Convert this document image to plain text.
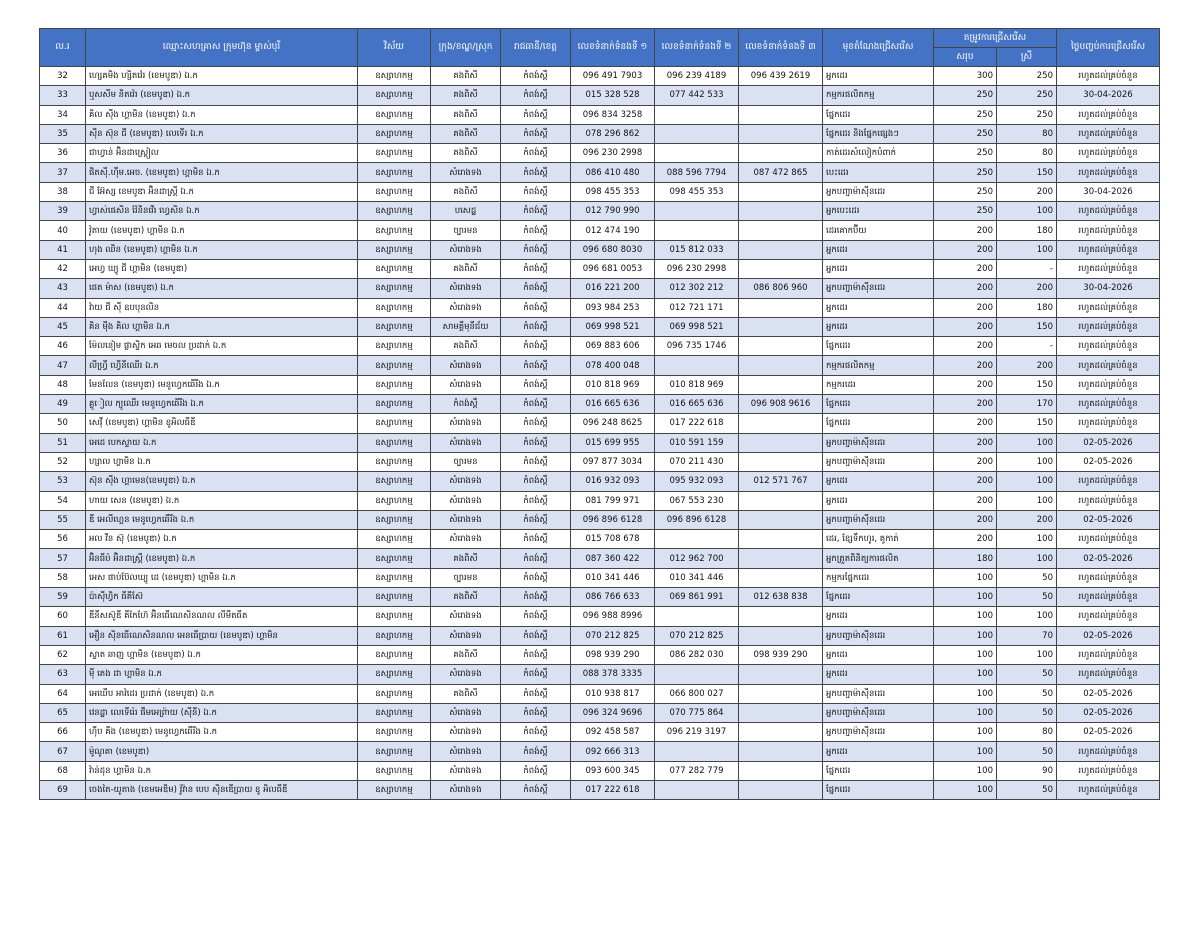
ល.រ	ឈ្មោះសហគ្រាស ក្រុមហ៊ុន ម្ចាស់បុរី	វិស័យ	ក្រុង/ខណ្ឌ/ស្រុក	រាជធានី/ខេត្ត	លេខទំនាក់ទំនងទី ១	លេខទំនាក់ទំនងទី ២	លេខទំនាក់ទំនងទី ៣	មុខតំណែងជ្រើសរើស	តម្រូវការជ្រើសរើស		ថ្ងៃបញ្ចប់ការជ្រើសរើស
									សរុប	ស្រី	
32	ហេ្សគមិង ហ្សិតវ៉េរ (ខេមបូឌា) ឯ.ក	ឧស្សាហកម្ម	គងពិសី	កំពង់ស្ពឺ	096 491 7903	096 239 4189	096 439 2619	អ្នកដេរ	300	250	រហូតដល់គ្រប់ចំនួន
33	ឬសសីម និតវ៉េរ (ខេមបូឌា) ឯ.ក	ឧស្សាហកម្ម	គងពិសី	កំពង់ស្ពឺ	015 328 528	077 442 533		កម្មករផលិតកម្ម	250	250	30-04-2026
34	គិល ស៊ីង ហ្គាមិន (ខេមបូឌា) ឯ.ក	ឧស្សាហកម្ម	គងពិសី	កំពង់ស្ពឺ	096 834 3258			ផ្នែកដេរ	250	250	រហូតដល់គ្រប់ចំនួន
35	ស៊ីន ស៊ុន ជី (ខេមបូឌា) លេទើរ ឯ.ក	ឧស្សាហកម្ម	គងពិសី	កំពង់ស្ពឺ	078 296 862			ផ្នែកដេរ និងផ្នែកផ្សេងៗ	250	80	រហូតដល់គ្រប់ចំនួន
36	ជាហ្វាន់ អ៊ិនដាស្ត្រៀល	ឧស្សាហកម្ម	គងពិសី	កំពង់ស្ពឺ	096 230 2998			កាត់ដេរសំលៀកបំពាក់	250	80	រហូតដល់គ្រប់ចំនួន
37	ផិតស៊ី.ហ៊ឹម.អេច. (ខេមបូឌា) ហ្គាមិន ឯ.ក	ឧស្សាហកម្ម	សំរោងទង	កំពង់ស្ពឺ	086 410 480	088 596 7794	087 472 865	បេះដេរ	250	150	រហូតដល់គ្រប់ចំនួន
38	ជី អ៊ែស្ស ខេមបូឌា អ៊ិនដាស្ត្រី ឯ.ក	ឧស្សាហកម្ម	គងពិសី	កំពង់ស្ពឺ	098 455 353	098 455 353		អ្នកបញ្ជាម៉ាស៊ីនដេរ	250	200	30-04-2026
39	ហ្វាស់ផេសិន វ៉ែនិនវើរ ហ្វេសិន ឯ.ក	ឧស្សាហកម្ម	បសេដ្ឋ	កំពង់ស្ពឺ	012 790 990			អ្នកបេះដេរ	250	100	រហូតដល់គ្រប់ចំនួន
40	វ៉ូតាយ (ខេមបូឌា) ហ្គាមិន ឯ.ក	ឧស្សាហកម្ម	ច្បារមន	កំពង់ស្ពឺ	012 474 190			ដេរគោកប៊ីយ	200	180	រហូតដល់គ្រប់ចំនួន
41	ហុង ឈិន (ខេមបូឌា) ហ្គាមិន ឯ.ក	ឧស្សាហកម្ម	សំរោងទង	កំពង់ស្ពឺ	096 680 8030	015 812 033		អ្នកដេរ	200	100	រហូតដល់គ្រប់ចំនួន
42	អេហ្វ ឃ្យូ ជី ហ្គាមិន (ខេមបូឌា)	ឧស្សាហកម្ម	គងពិសី	កំពង់ស្ពឺ	096 681 0053	096 230 2998		អ្នកដេរ	200	-	រហូតដល់គ្រប់ចំនួន
43	ផេត ម៉ាស (ខេមបូឌា) ឯ.ក	ឧស្សាហកម្ម	សំរោងទង	កំពង់ស្ពឺ	016 221 200	012 302 212	086 806 960	អ្នកបញ្ជាម៉ាស៊ីនដេរ	200	200	30-04-2026
44	វ៉ាយ ជី ស៊ី ឧបបុនលិន	ឧស្សាហកម្ម	សំរោងទង	កំពង់ស្ពឺ	093 984 253	012 721 171		អ្នកដេរ	200	180	រហូតដល់គ្រប់ចំនួន
45	គិន ម៉ីង គិល ហ្គាមិន ឯ.ក	ឧស្សាហកម្ម	សាមគ្គីមុនីជ័យ	កំពង់ស្ពឺ	069 998 521	069 998 521		អ្នកដេរ	200	150	រហូតដល់គ្រប់ចំនួន
46	ម៉ែលនៀម ផ្លាស្ទិក អេឆ មេចល ប្រដាក់ ឯ.ក	ឧស្សាហកម្ម	គងពិសី	កំពង់ស្ពឺ	069 883 606	096 735 1746		ផ្នែកដេរ	200	-	រហូតដល់គ្រប់ចំនួន
47	លីហ្វ្រី ហ្វើនីឈើរ ឯ.ក	ឧស្សាហកម្ម	សំរោងទង	កំពង់ស្ពឺ	078 400 048			កម្មករផលិតកម្ម	200	200	រហូតដល់គ្រប់ចំនួន
48	មែនលែន (ខេមបូឌា) មេនូហ្វេកឆើរីង ឯ.ក	ឧស្សាហកម្ម	សំរោងទង	កំពង់ស្ពឺ	010 818 969	010 818 969		កម្មករដេរ	200	150	រហូតដល់គ្រប់ចំនួន
49	គ្លូៀល ក្យូឈើរ មេនូហ្វេកឆើរីង ឯ.ក	ឧស្សាហកម្ម	កំពង់ស្ពឺ	កំពង់ស្ពឺ	016 665 636	016 665 636	096 908 9616	ផ្នែកដេរ	200	170	រហូតដល់គ្រប់ចំនួន
50	សេវ៉ី (ខេមបូឌា) ហ្គាមិន ខូអិលធីឌី	ឧស្សាហកម្ម	សំរោងទង	កំពង់ស្ពឺ	096 248 8625	017 222 618		ផ្នែកដេរ	200	150	រហូតដល់គ្រប់ចំនួន
51	អេដេ បេកស្ទាយ ឯ.ក	ឧស្សាហកម្ម	សំរោងទង	កំពង់ស្ពឺ	015 699 955	010 591 159		អ្នកបញ្ជាម៉ាស៊ីនដេរ	200	100	02-05-2026
52	ហ្សាល ហ្គាមិន ឯ.ក	ឧស្សាហកម្ម	ច្បារមន	កំពង់ស្ពឺ	097 877 3034	070 211 430		អ្នកបញ្ជាម៉ាស៊ីនដេរ	200	100	02-05-2026
53	ស៊ុន ស៊ីង ហ្គាមេន(ខេមបូឌា) ឯ.ក	ឧស្សាហកម្ម	សំរោងទង	កំពង់ស្ពឺ	016 932 093	095 932 093	012 571 767	អ្នកដេរ	200	100	រហូតដល់គ្រប់ចំនួន
54	ហាយ សេន (ខេមបូឌា) ឯ.ក	ឧស្សាហកម្ម	សំរោងទង	កំពង់ស្ពឺ	081 799 971	067 553 230		អ្នកដេរ	200	100	រហូតដល់គ្រប់ចំនួន
55	ឌី អេលីហ្គេន មេនូហ្វេកឆើរីង ឯ.ក	ឧស្សាហកម្ម	សំរោងទង	កំពង់ស្ពឺ	096 896 6128	096 896 6128		អ្នកបញ្ជាម៉ាស៊ីនដេរ	200	200	02-05-2026
56	អល វីន ស៊ុ (ខេមបូឌា) ឯ.ក	ឧស្សាហកម្ម	សំរោងទង	កំពង់ស្ពឺ	015 708 678			ដេរ, ខ្សែទឹកហូរ, គូកាត់	200	100	រហូតដល់គ្រប់ចំនួន
57	អ៊ិនធីប៉ ​អ៊ិនដាស្ត្រី (ខេមបូឌា) ឯ.ក	ឧស្សាហកម្ម	គងពិសី	កំពង់ស្ពឺ	087 360 422	012 962 700		អ្នកត្រួតពិនិត្យការផលិត	180	100	02-05-2026
58	អេស ផាប់ប៊ែលឃ្យូ ដេ (ខេមបូឌា) ហ្គាមិន ឯ.ក	ឧស្សាហកម្ម	ច្បារមន	កំពង់ស្ពឺ	010 341 446	010 341 446		កម្មករផ្នែកដេរ	100	50	រហូតដល់គ្រប់ចំនួន
59	ប៉ាស៊ីហ្វិក ធីគីស៊ែ	ឧស្សាហកម្ម	គងពិសី	កំពង់ស្ពឺ	086 766 633	069 861 991	012 638 838	ផ្នែកដេរ	100	50	រហូតដល់គ្រប់ចំនួន
60	ឌីនីសស៊ូឌី គីកែហ៊ែ អ៊ិនធើណេសិនណល លីមីតធីត	ឧស្សាហកម្ម	សំរោងទង	កំពង់ស្ពឺ	096 988 8996			អ្នកដេរ	100	100	រហូតដល់គ្រប់ចំនួន
61	អឿន ស៊ិនធើណេសិនណល អេនធើប្រាយ (ខេមបូឌា) ហ្គាមិន	ឧស្សាហកម្ម	សំរោងទង	កំពង់ស្ពឺ	070 212 825	070 212 825		អ្នកបញ្ជាម៉ាស៊ីនដេរ	100	70	02-05-2026
62	ស្ទាត ឆាញ ហ្គាមិន (ខេមបូឌា) ឯ.ក	ឧស្សាហកម្ម	គងពិសី	កំពង់ស្ពឺ	098 939 290	086 282 030	098 939 290	អ្នកដេរ	100	100	រហូតដល់គ្រប់ចំនួន
63	ម៉ី តេង ដា ហ្គាមិន ឯ.ក	ឧស្សាហកម្ម	សំរោងទង	កំពង់ស្ពឺ	088 378 3335			អ្នកដេរ	100	50	រហូតដល់គ្រប់ចំនួន
64	អេឃើប អាវ៉ដេរ ប្រដាក់ (ខេមបូឌា) ឯ.ក	ឧស្សាហកម្ម	គងពិសី	កំពង់ស្ពឺ	010 938 817	066 800 027		អ្នកបញ្ជាម៉ាស៊ីនដេរ	100	50	02-05-2026
65	វេនដ្ឋា លេទើរ៉េរ ផឹមអេព្រ៉ាយ (ស៊ីនី) ឯ.ក	ឧស្សាហកម្ម	សំរោងទង	កំពង់ស្ពឺ	096 324 9696	070 775 864		អ្នកបញ្ជាម៉ាស៊ីនដេរ	100	50	02-05-2026
66	ហ៊ីប គីង (ខេមបូឌា) មេនូហ្វេកឆើរីង ឯ.ក	ឧស្សាហកម្ម	សំរោងទង	កំពង់ស្ពឺ	092 458 587	096 219 3197		អ្នកបញ្ជាម៉ាស៊ីនដេរ	100	80	02-05-2026
67	ម៉ូណូគា (ខេមបូឌា)	ឧស្សាហកម្ម	សំរោងទង	កំពង់ស្ពឺ	092 666 313			អ្នកដេរ	100	50	រហូតដល់គ្រប់ចំនួន
68	វ៉ាន់ដុន ហ្គាមិន ឯ.ក	ឧស្សាហកម្ម	សំរោងទង	កំពង់ស្ពឺ	093 600 345	077 282 779		ផ្នែកដេរ	100	90	រហូតដល់គ្រប់ចំនួន
69	ចេងតៃ-យូតាង (ខេមអេឌិម) វ៉ូវ៉ាន បេប ស៊ិនឌើប្រាយ ខូ អិលធីឌី	ឧស្សាហកម្ម	សំរោងទង	កំពង់ស្ពឺ	017 222 618			ផ្នែកដេរ	100	50	រហូតដល់គ្រប់ចំនួន
